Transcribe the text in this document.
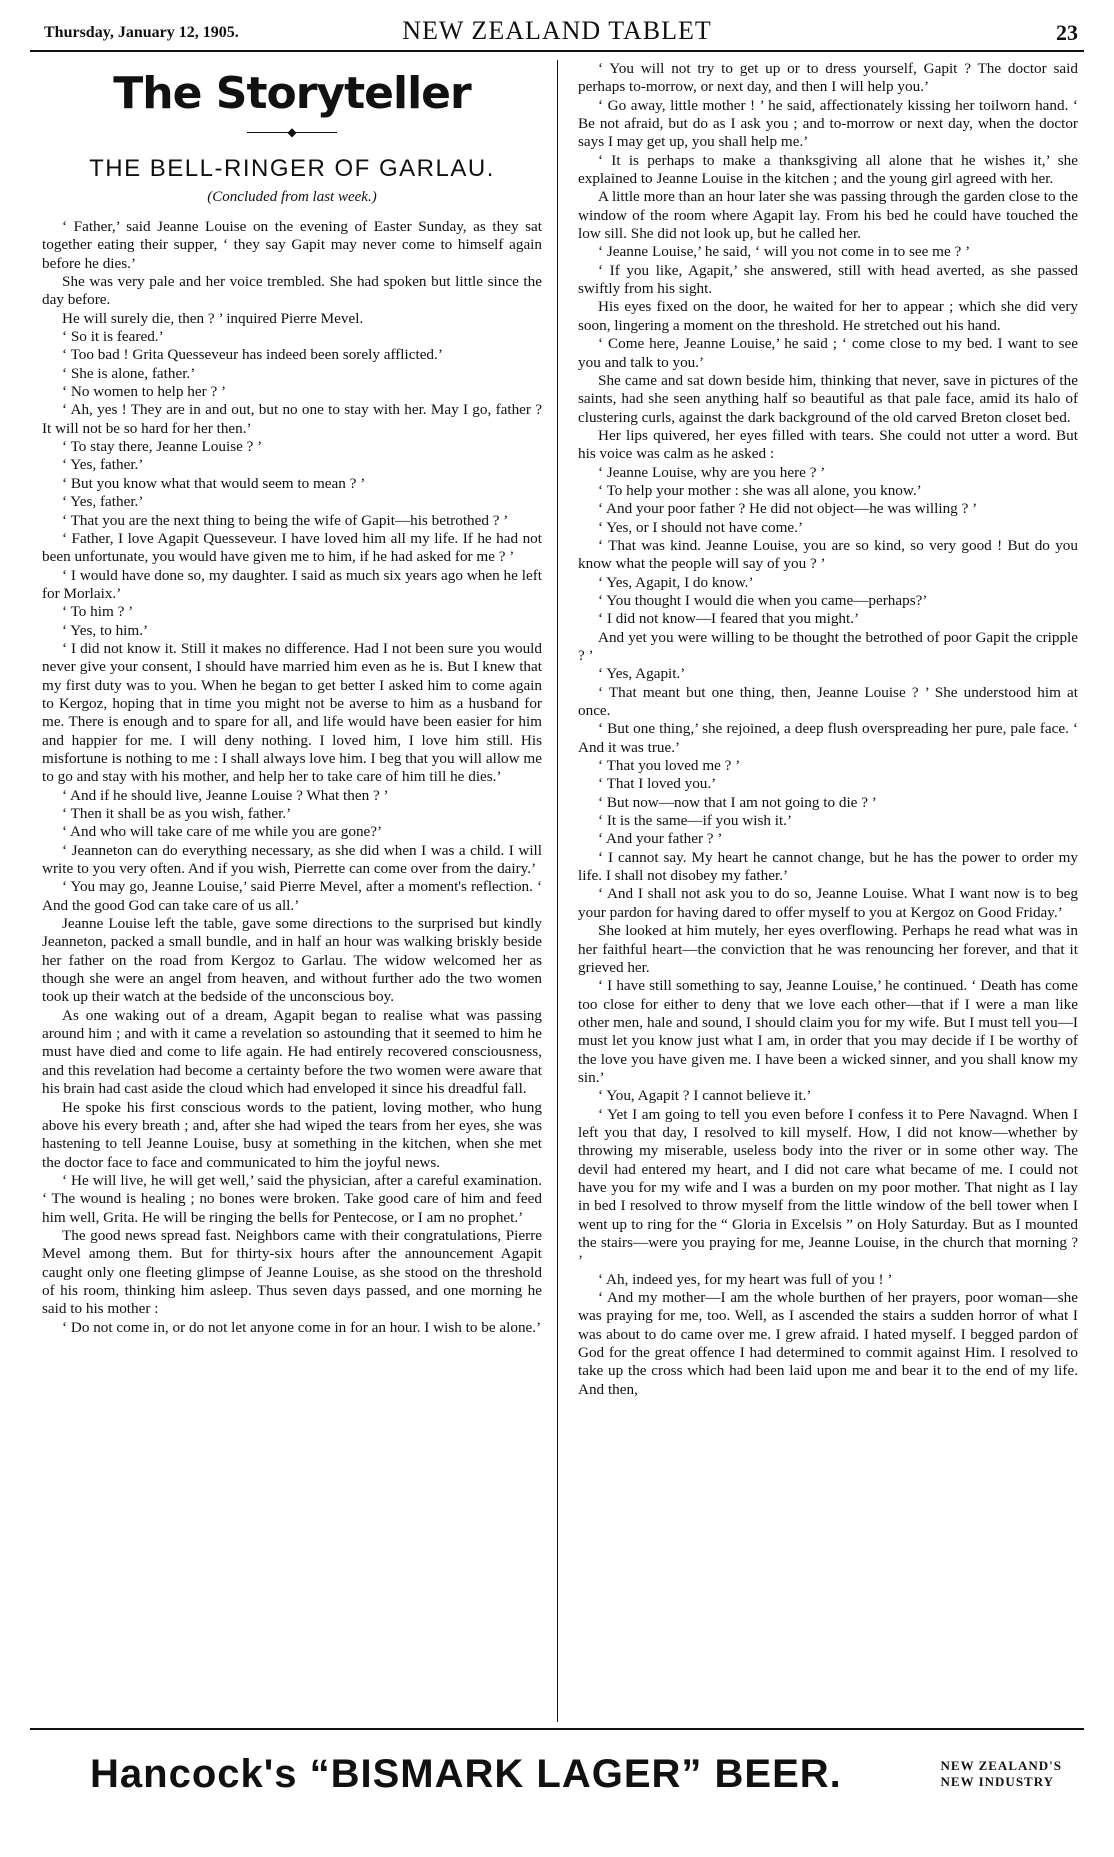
Thursday, January 12, 1905.	NEW ZEALAND TABLET	23
The Storyteller
◆
THE BELL-RINGER OF GARLAU.
(Concluded from last week.)

‘ Father,’ said Jeanne Louise on the evening of Easter Sunday, as they sat together eating their supper, ‘ they say Gapit may never come to himself again before he dies.’

She was very pale and her voice trembled. She had spoken but little since the day before.

He will surely die, then ? ’ inquired Pierre Mevel.

‘ So it is feared.’

‘ Too bad ! Grita Quesseveur has indeed been sorely afflicted.’

‘ She is alone, father.’

‘ No women to help her ? ’

‘ Ah, yes ! They are in and out, but no one to stay with her. May I go, father ? It will not be so hard for her then.’

‘ To stay there, Jeanne Louise ? ’

‘ Yes, father.’

‘ But you know what that would seem to mean ? ’

‘ Yes, father.’

‘ That you are the next thing to being the wife of Gapit—his betrothed ? ’

‘ Father, I love Agapit Quesseveur. I have loved him all my life. If he had not been unfortunate, you would have given me to him, if he had asked for me ? ’

‘ I would have done so, my daughter. I said as much six years ago when he left for Morlaix.’

‘ To him ? ’

‘ Yes, to him.’

‘ I did not know it. Still it makes no difference. Had I not been sure you would never give your consent, I should have married him even as he is. But I knew that my first duty was to you. When he began to get better I asked him to come again to Kergoz, hoping that in time you might not be averse to him as a husband for me. There is enough and to spare for all, and life would have been easier for him and happier for me. I will deny nothing. I loved him, I love him still. His misfortune is nothing to me : I shall always love him. I beg that you will allow me to go and stay with his mother, and help her to take care of him till he dies.’

‘ And if he should live, Jeanne Louise ? What then ? ’

‘ Then it shall be as you wish, father.’

‘ And who will take care of me while you are gone?’

‘ Jeanneton can do everything necessary, as she did when I was a child. I will write to you very often. And if you wish, Pierrette can come over from the dairy.’

‘ You may go, Jeanne Louise,’ said Pierre Mevel, after a moment's reflection. ‘ And the good God can take care of us all.’

Jeanne Louise left the table, gave some directions to the surprised but kindly Jeanneton, packed a small bundle, and in half an hour was walking briskly beside her father on the road from Kergoz to Garlau. The widow welcomed her as though she were an angel from heaven, and without further ado the two women took up their watch at the bedside of the unconscious boy.

As one waking out of a dream, Agapit began to realise what was passing around him ; and with it came a revelation so astounding that it seemed to him he must have died and come to life again. He had entirely recovered consciousness, and this revelation had become a certainty before the two women were aware that his brain had cast aside the cloud which had enveloped it since his dreadful fall.

He spoke his first conscious words to the patient, loving mother, who hung above his every breath ; and, after she had wiped the tears from her eyes, she was hastening to tell Jeanne Louise, busy at something in the kitchen, when she met the doctor face to face and communicated to him the joyful news.

‘ He will live, he will get well,’ said the physician, after a careful examination. ‘ The wound is healing ; no bones were broken. Take good care of him and feed him well, Grita. He will be ringing the bells for Pentecose, or I am no prophet.’

The good news spread fast. Neighbors came with their congratulations, Pierre Mevel among them. But for thirty-six hours after the announcement Agapit caught only one fleeting glimpse of Jeanne Louise, as she stood on the threshold of his room, thinking him asleep. Thus seven days passed, and one morning he said to his mother :

‘ Do not come in, or do not let anyone come in for an hour. I wish to be alone.’

‘ You will not try to get up or to dress yourself, Gapit ? The doctor said perhaps to-morrow, or next day, and then I will help you.’

‘ Go away, little mother ! ’ he said, affectionately kissing her toilworn hand. ‘ Be not afraid, but do as I ask you ; and to-morrow or next day, when the doctor says I may get up, you shall help me.’

‘ It is perhaps to make a thanksgiving all alone that he wishes it,’ she explained to Jeanne Louise in the kitchen ; and the young girl agreed with her.

A little more than an hour later she was passing through the garden close to the window of the room where Agapit lay. From his bed he could have touched the low sill. She did not look up, but he called her.

‘ Jeanne Louise,’ he said, ‘ will you not come in to see me ? ’

‘ If you like, Agapit,’ she answered, still with head averted, as she passed swiftly from his sight.

His eyes fixed on the door, he waited for her to appear ; which she did very soon, lingering a moment on the threshold. He stretched out his hand.

‘ Come here, Jeanne Louise,’ he said ; ‘ come close to my bed. I want to see you and talk to you.’

She came and sat down beside him, thinking that never, save in pictures of the saints, had she seen anything half so beautiful as that pale face, amid its halo of clustering curls, against the dark background of the old carved Breton closet bed.

Her lips quivered, her eyes filled with tears. She could not utter a word. But his voice was calm as he asked :

‘ Jeanne Louise, why are you here ? ’

‘ To help your mother : she was all alone, you know.’

‘ And your poor father ? He did not object—he was willing ? ’

‘ Yes, or I should not have come.’

‘ That was kind. Jeanne Louise, you are so kind, so very good ! But do you know what the people will say of you ? ’

‘ Yes, Agapit, I do know.’

‘ You thought I would die when you came—perhaps?’

‘ I did not know—I feared that you might.’

And yet you were willing to be thought the betrothed of poor Gapit the cripple ? ’

‘ Yes, Agapit.’

‘ That meant but one thing, then, Jeanne Louise ? ’ She understood him at once.

‘ But one thing,’ she rejoined, a deep flush overspreading her pure, pale face. ‘ And it was true.’

‘ That you loved me ? ’

‘ That I loved you.’

‘ But now—now that I am not going to die ? ’

‘ It is the same—if you wish it.’

‘ And your father ? ’

‘ I cannot say. My heart he cannot change, but he has the power to order my life. I shall not disobey my father.’

‘ And I shall not ask you to do so, Jeanne Louise. What I want now is to beg your pardon for having dared to offer myself to you at Kergoz on Good Friday.’

She looked at him mutely, her eyes overflowing. Perhaps he read what was in her faithful heart—the conviction that he was renouncing her forever, and that it grieved her.

‘ I have still something to say, Jeanne Louise,’ he continued. ‘ Death has come too close for either to deny that we love each other—that if I were a man like other men, hale and sound, I should claim you for my wife. But I must tell you—I must let you know just what I am, in order that you may decide if I be worthy of the love you have given me. I have been a wicked sinner, and you shall know my sin.’

‘ You, Agapit ? I cannot believe it.’

‘ Yet I am going to tell you even before I confess it to Pere Navagnd. When I left you that day, I resolved to kill myself. How, I did not know—whether by throwing my miserable, useless body into the river or in some other way. The devil had entered my heart, and I did not care what became of me. I could not have you for my wife and I was a burden on my poor mother. That night as I lay in bed I resolved to throw myself from the little window of the bell tower when I went up to ring for the “ Gloria in Excelsis ” on Holy Saturday. But as I mounted the stairs—were you praying for me, Jeanne Louise, in the church that morning ? ’

‘ Ah, indeed yes, for my heart was full of you ! ’

‘ And my mother—I am the whole burthen of her prayers, poor woman—she was praying for me, too. Well, as I ascended the stairs a sudden horror of what I was about to do came over me. I grew afraid. I hated myself. I begged pardon of God for the great offence I had determined to commit against Him. I resolved to take up the cross which had been laid upon me and bear it to the end of my life. And then,

Hancock's “BISMARK LAGER” BEER.	NEW ZEALAND'S
NEW INDUSTRY
